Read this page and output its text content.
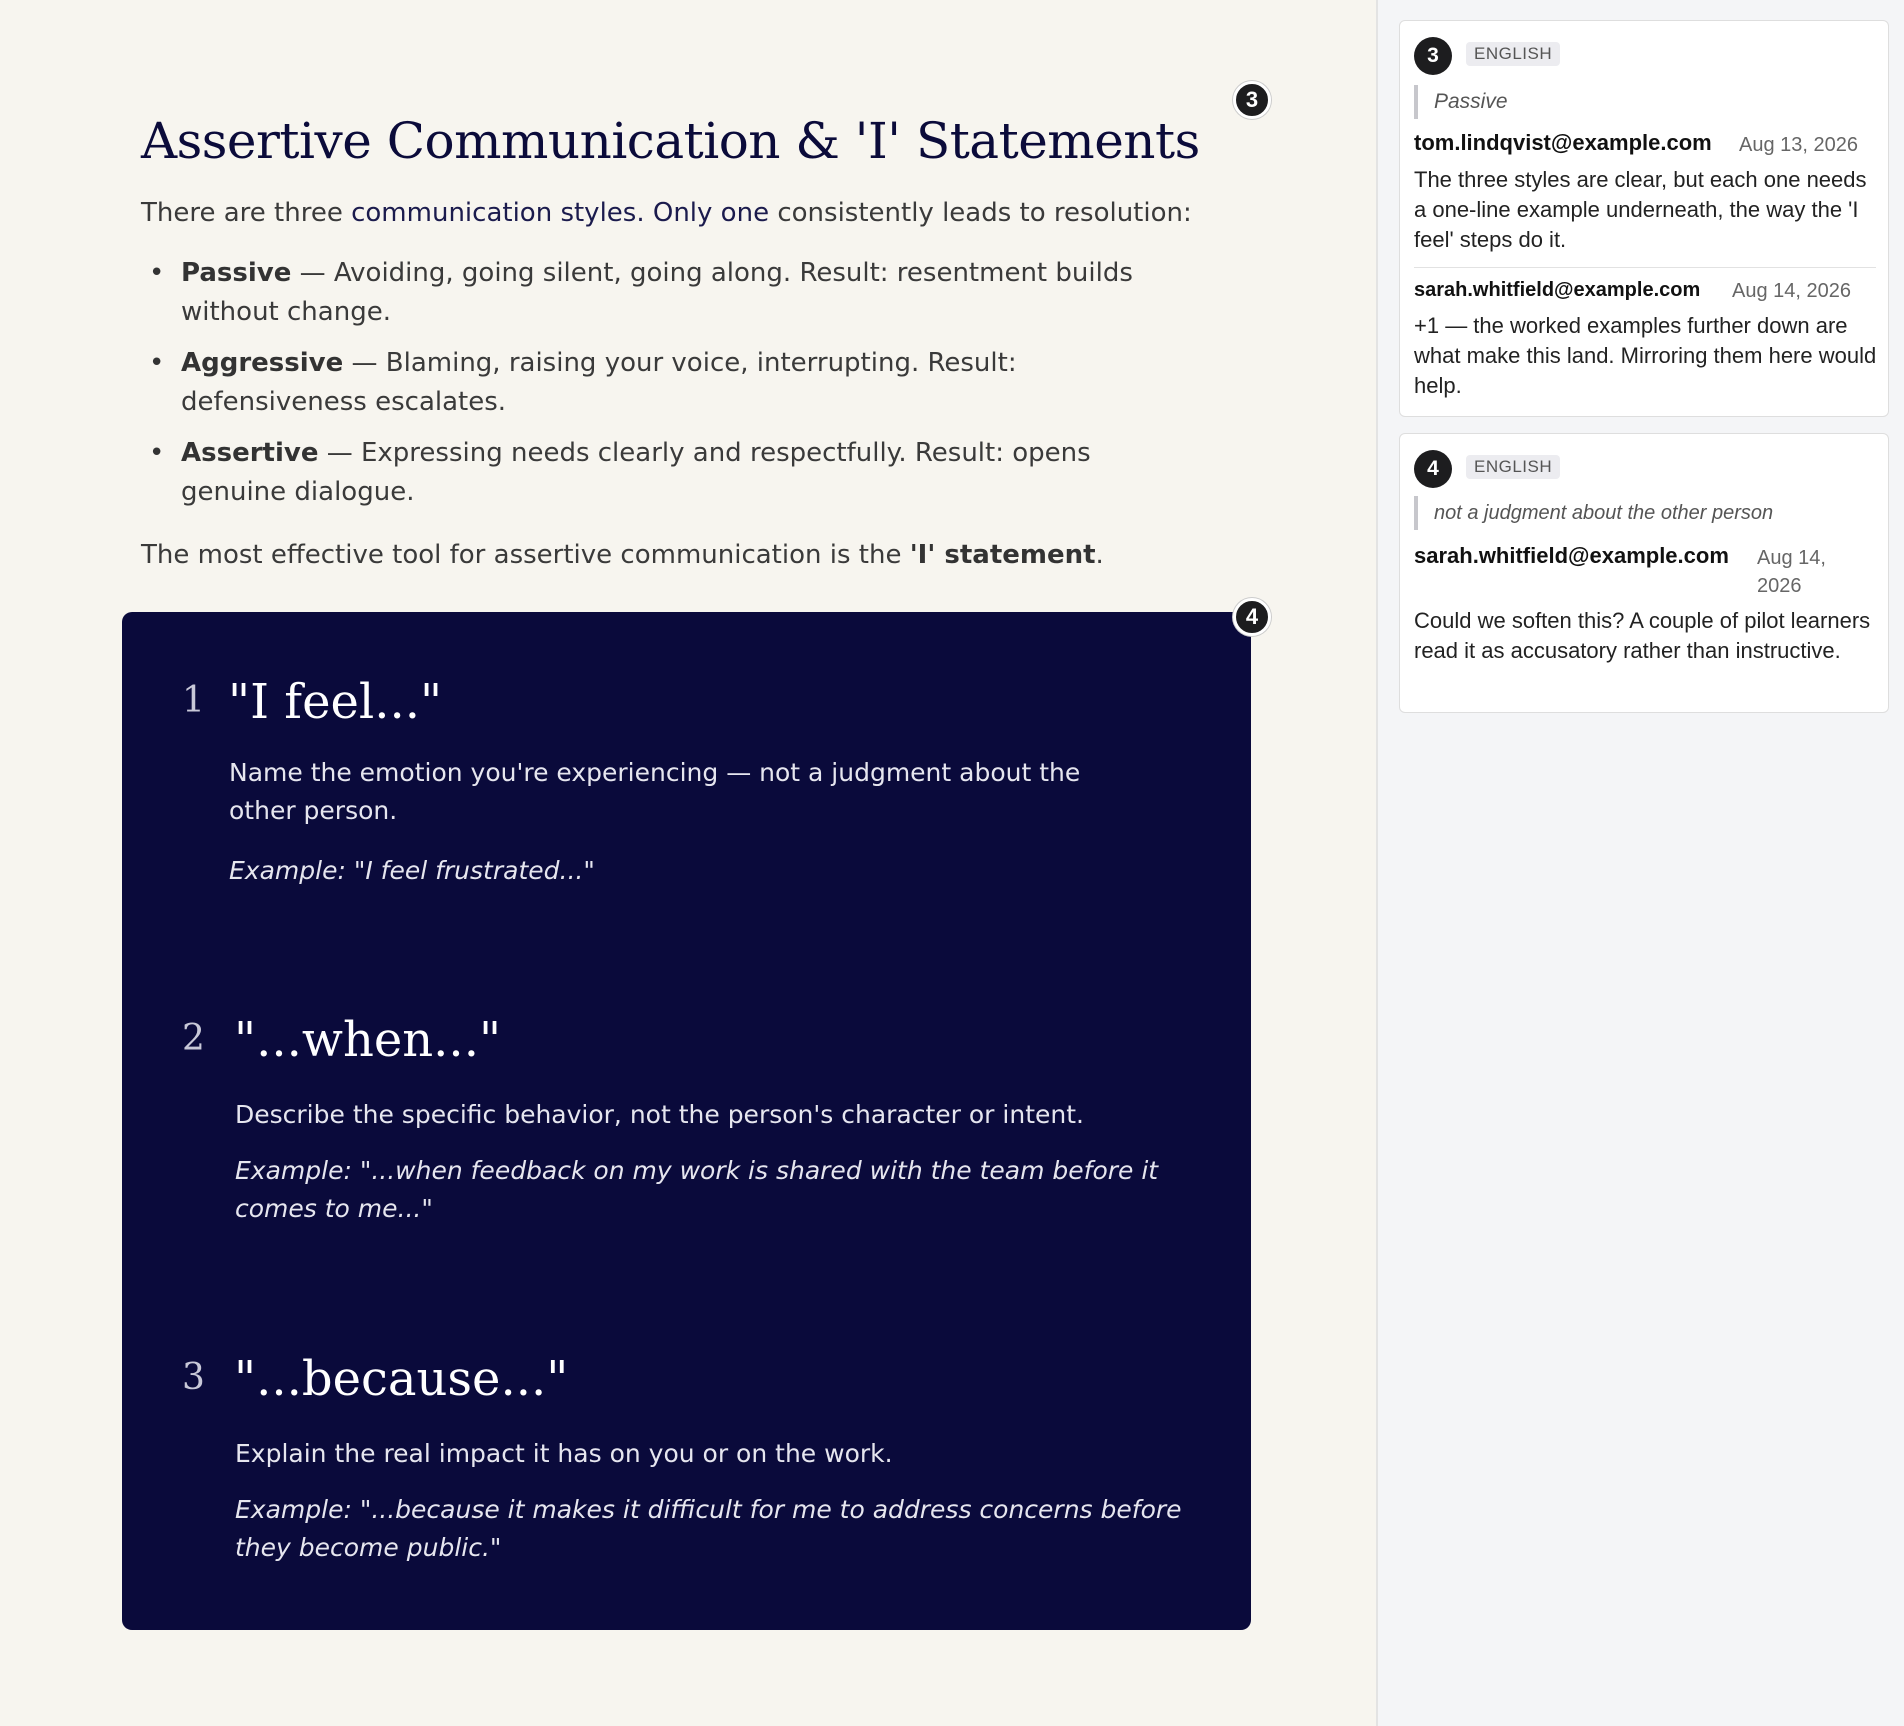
3
Assertive Communication & 'I' Statements

There are three communication styles. Only one consistently leads to resolution:

• Passive — Avoiding, going silent, going along. Result: resentment builds without change.
• Aggressive — Blaming, raising your voice, interrupting. Result: defensiveness escalates.
• Assertive — Expressing needs clearly and respectfully. Result: opens genuine dialogue.

The most effective tool for assertive communication is the 'I' statement.

1 "I feel..."

Name the emotion you're experiencing — not a judgment about the other person.

Example: "I feel frustrated..."

2 "...when..."

Describe the specific behavior, not the person's character or intent.

Example: "...when feedback on my work is shared with the team before it comes to me..."

3 "...because..."

Explain the real impact it has on you or on the work.

Example: "...because it makes it difficult for me to address concerns before they become public."

4
3	ENGLISH
Passive
tom.lindqvist@example.com Aug 13, 2026

The three styles are clear, but each one needs a one-line example underneath, the way the 'I feel' steps do it.

sarah.whitfield@example.com Aug 14, 2026

+1 — the worked examples further down are what make this land. Mirroring them here would help.

4	ENGLISH
not a judgment about the other person
sarah.whitfield@example.com Aug 14, 2026

Could we soften this? A couple of pilot learners read it as accusatory rather than instructive.
